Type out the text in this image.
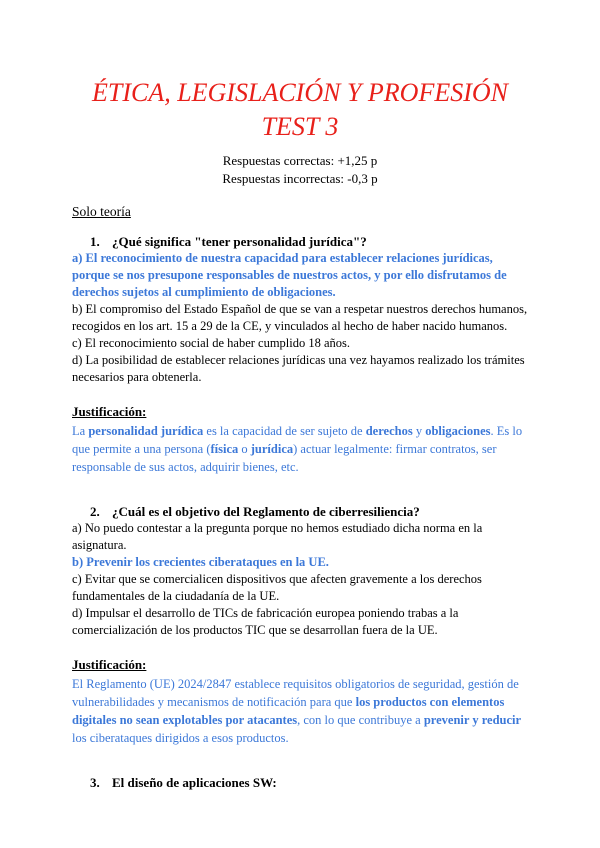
ÉTICA, LEGISLACIÓN Y PROFESIÓN
TEST 3
Respuestas correctas: +1,25 p
Respuestas incorrectas: -0,3 p
Solo teoría
1. ¿Qué significa "tener personalidad jurídica"?

a) El reconocimiento de nuestra capacidad para establecer relaciones jurídicas, porque se nos presupone responsables de nuestros actos, y por ello disfrutamos de derechos sujetos al cumplimiento de obligaciones.

b) El compromiso del Estado Español de que se van a respetar nuestros derechos humanos, recogidos en los art. 15 a 29 de la CE, y vinculados al hecho de haber nacido humanos.

c) El reconocimiento social de haber cumplido 18 años.

d) La posibilidad de establecer relaciones jurídicas una vez hayamos realizado los trámites necesarios para obtenerla.

Justificación:

La personalidad jurídica es la capacidad de ser sujeto de derechos y obligaciones. Es lo que permite a una persona (física o jurídica) actuar legalmente: firmar contratos, ser responsable de sus actos, adquirir bienes, etc.

2. ¿Cuál es el objetivo del Reglamento de ciberresiliencia?

a) No puedo contestar a la pregunta porque no hemos estudiado dicha norma en la asignatura.

b) Prevenir los crecientes ciberataques en la UE.

c) Evitar que se comercialicen dispositivos que afecten gravemente a los derechos fundamentales de la ciudadanía de la UE.

d) Impulsar el desarrollo de TICs de fabricación europea poniendo trabas a la comercialización de los productos TIC que se desarrollan fuera de la UE.

Justificación:

El Reglamento (UE) 2024/2847 establece requisitos obligatorios de seguridad, gestión de vulnerabilidades y mecanismos de notificación para que los productos con elementos digitales no sean explotables por atacantes, con lo que contribuye a prevenir y reducir los ciberataques dirigidos a esos productos.

3. El diseño de aplicaciones SW:
